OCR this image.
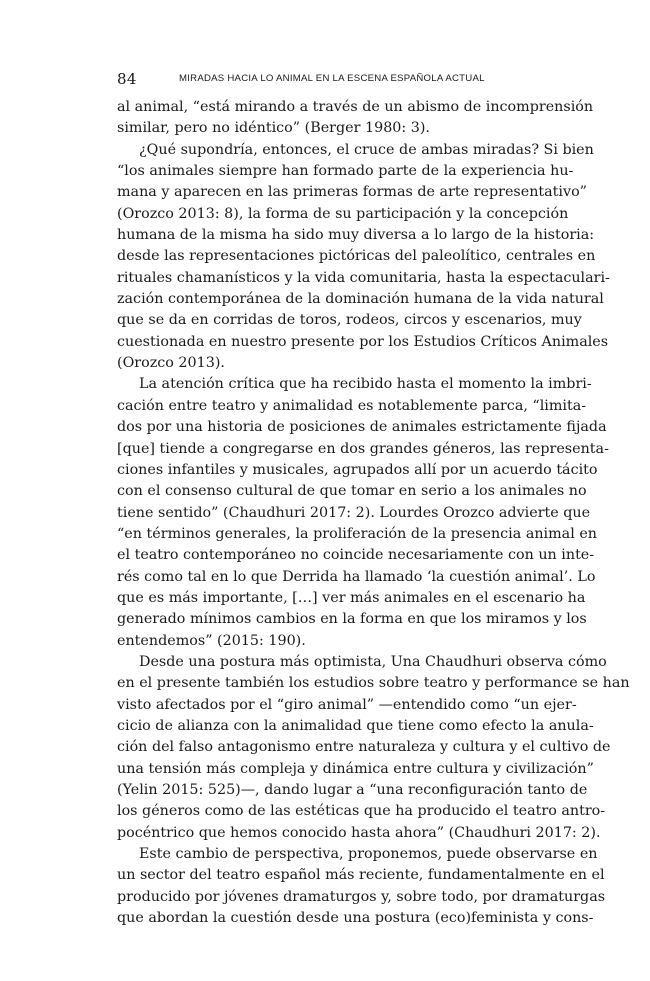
84	MIRADAS HACIA LO ANIMAL EN LA ESCENA ESPAÑOLA ACTUAL
al animal, “está mirando a través de un abismo de incomprensión
similar, pero no idéntico” (Berger 1980: 3).
¿Qué supondría, entonces, el cruce de ambas miradas? Si bien
“los animales siempre han formado parte de la experiencia hu-
mana y aparecen en las primeras formas de arte representativo”
(Orozco 2013: 8), la forma de su participación y la concepción
humana de la misma ha sido muy diversa a lo largo de la historia:
desde las representaciones pictóricas del paleolítico, centrales en
rituales chamanísticos y la vida comunitaria, hasta la espectaculari-
zación contemporánea de la dominación humana de la vida natural
que se da en corridas de toros, rodeos, circos y escenarios, muy
cuestionada en nuestro presente por los Estudios Críticos Animales
(Orozco 2013).
La atención crítica que ha recibido hasta el momento la imbri-
cación entre teatro y animalidad es notablemente parca, “limita-
dos por una historia de posiciones de animales estrictamente fijada
[que] tiende a congregarse en dos grandes géneros, las representa-
ciones infantiles y musicales, agrupados allí por un acuerdo tácito
con el consenso cultural de que tomar en serio a los animales no
tiene sentido” (Chaudhuri 2017: 2). Lourdes Orozco advierte que
“en términos generales, la proliferación de la presencia animal en
el teatro contemporáneo no coincide necesariamente con un inte-
rés como tal en lo que Derrida ha llamado ‘la cuestión animal’. Lo
que es más importante, […] ver más animales en el escenario ha
generado mínimos cambios en la forma en que los miramos y los
entendemos” (2015: 190).
Desde una postura más optimista, Una Chaudhuri observa cómo
en el presente también los estudios sobre teatro y performance se han
visto afectados por el “giro animal” —entendido como “un ejer-
cicio de alianza con la animalidad que tiene como efecto la anula-
ción del falso antagonismo entre naturaleza y cultura y el cultivo de
una tensión más compleja y dinámica entre cultura y civilización”
(Yelin 2015: 525)—, dando lugar a “una reconfiguración tanto de
los géneros como de las estéticas que ha producido el teatro antro-
pocéntrico que hemos conocido hasta ahora” (Chaudhuri 2017: 2).
Este cambio de perspectiva, proponemos, puede observarse en
un sector del teatro español más reciente, fundamentalmente en el
producido por jóvenes dramaturgos y, sobre todo, por dramaturgas
que abordan la cuestión desde una postura (eco)feminista y cons-
